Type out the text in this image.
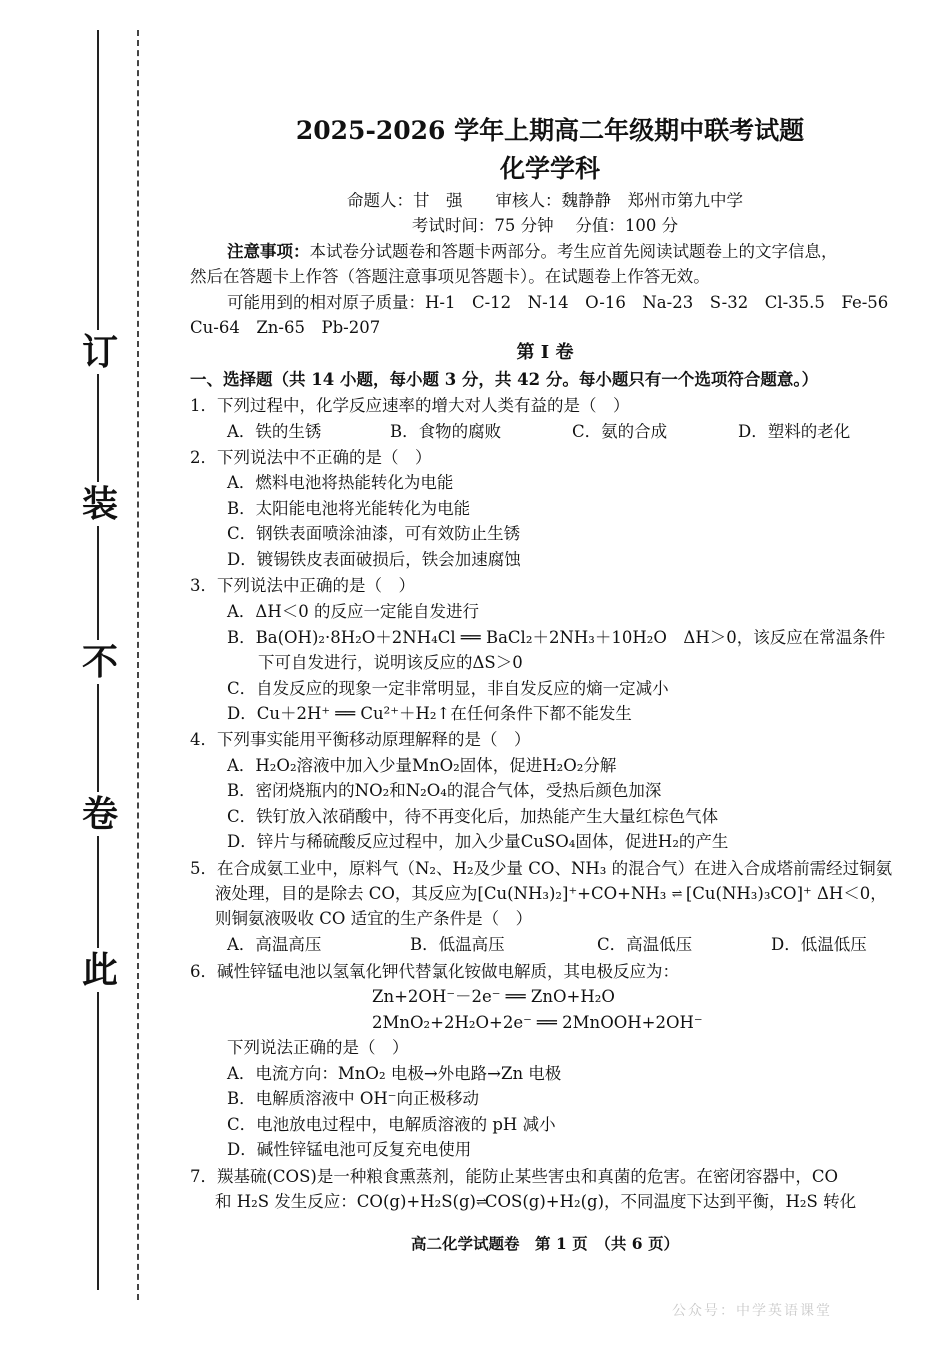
此
卷
不
装
订
2025-2026 学年上期高二年级期中联考试题
化学学科
命题人：甘　强　　审核人：魏静静　郑州市第九中学
考试时间：75 分钟　 分值：100 分
注意事项：本试卷分试题卷和答题卡两部分。考生应首先阅读试题卷上的文字信息，
然后在答题卡上作答（答题注意事项见答题卡）。在试题卷上作答无效。
可能用到的相对原子质量：H-1　C-12　N-14　O-16　Na-23　S-32　Cl-35.5　Fe-56
Cu-64　Zn-65　Pb-207
第 I 卷
一、选择题（共 14 小题，每小题 3 分，共 42 分。每小题只有一个选项符合题意。）
1．下列过程中，化学反应速率的增大对人类有益的是（　）
A．铁的生锈	B．食物的腐败	C．氨的合成	D．塑料的老化
2．下列说法中不正确的是（　）
A．燃料电池将热能转化为电能
B．太阳能电池将光能转化为电能
C．钢铁表面喷涂油漆，可有效防止生锈
D．镀锡铁皮表面破损后，铁会加速腐蚀
3．下列说法中正确的是（　）
A．ΔH＜0 的反应一定能自发进行
B．Ba(OH)₂·8H₂O＋2NH₄Cl ══ BaCl₂＋2NH₃＋10H₂O　ΔH＞0，该反应在常温条件
下可自发进行，说明该反应的ΔS＞0
C．自发反应的现象一定非常明显，非自发反应的熵一定减小
D．Cu＋2H⁺ ══ Cu²⁺＋H₂↑在任何条件下都不能发生
4．下列事实能用平衡移动原理解释的是（　）
A．H₂O₂溶液中加入少量MnO₂固体，促进H₂O₂分解
B．密闭烧瓶内的NO₂和N₂O₄的混合气体，受热后颜色加深
C．铁钉放入浓硝酸中，待不再变化后，加热能产生大量红棕色气体
D．锌片与稀硫酸反应过程中，加入少量CuSO₄固体，促进H₂的产生
5．在合成氨工业中，原料气（N₂、H₂及少量 CO、NH₃ 的混合气）在进入合成塔前需经过铜氨
液处理，目的是除去 CO，其反应为[Cu(NH₃)₂]⁺+CO+NH₃ ⇌ [Cu(NH₃)₃CO]⁺ ΔH＜0，
则铜氨液吸收 CO 适宜的生产条件是（　）
A．高温高压	B．低温高压	C．高温低压	D．低温低压
6．碱性锌锰电池以氢氧化钾代替氯化铵做电解质，其电极反应为：
Zn+2OH⁻－2e⁻ ══ ZnO+H₂O
2MnO₂+2H₂O+2e⁻ ══ 2MnOOH+2OH⁻
下列说法正确的是（　）
A．电流方向：MnO₂ 电极→外电路→Zn 电极
B．电解质溶液中 OH⁻向正极移动
C．电池放电过程中，电解质溶液的 pH 减小
D．碱性锌锰电池可反复充电使用
7．羰基硫(COS)是一种粮食熏蒸剂，能防止某些害虫和真菌的危害。在密闭容器中，CO
和 H₂S 发生反应：CO(g)+H₂S(g)⇌COS(g)+H₂(g)，不同温度下达到平衡，H₂S 转化
高二化学试题卷　第 1 页　（共 6 页）
公众号：中学英语课堂
